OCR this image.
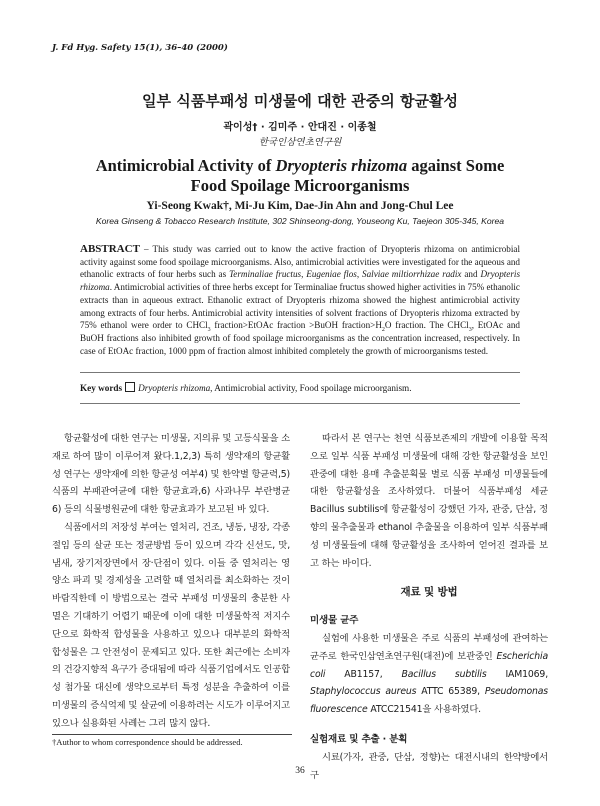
J. Fd Hyg. Safety 15(1), 36–40 (2000)
일부 식품부패성 미생물에 대한 관중의 항균활성
곽이성† · 김미주 · 안대진 · 이종철
한국인삼연초연구원
Antimicrobial Activity of Dryopteris rhizoma against Some
Food Spoilage Microorganisms
Yi-Seong Kwak†, Mi-Ju Kim, Dae-Jin Ahn and Jong-Chul Lee
Korea Ginseng & Tobacco Research Institute, 302 Shinseong-dong, Youseong Ku, Taejeon 305-345, Korea
ABSTRACT – This study was carried out to know the active fraction of Dryopteris rhizoma on antimicrobial activity against some food spoilage microorganisms. Also, antimicrobial activities were investigated for the aqueous and ethanolic extracts of four herbs such as Terminaliae fructus, Eugeniae flos, Salviae miltiorrhizae radix and Dryopteris rhizoma. Antimicrobial activities of three herbs except for Terminaliae fructus showed higher activities in 75% ethanolic extracts than in aqueous extract. Ethanolic extract of Dryopteris rhizoma showed the highest antimicrobial activity among extracts of four herbs. Antimicrobial activity intensities of solvent fractions of Dryopteris rhizoma extracted by 75% ethanol were order to CHCl$_3$ fraction>EtOAc fraction >BuOH $fraction>H_2O$ fraction. The CHCl$_3$, EtOAc and BuOH fractions also inhibited growth of food spoilage microorganisms as the concentration increased, respectively. In case of EtOAc fraction, 1000 ppm of fraction almost inhibited completely the growth of microorganisms tested.
Key words Dryopteris rhizoma, Antimicrobial activity, Food spoilage microorganism.

항균활성에 대한 연구는 미생물, 지의류 및 고등식물을 소재로 하여 많이 이루어져 왔다.1,2,3) 특히 생약재의 항균활성 연구는 생약재에 의한 항균성 여부4) 및 한약별 항균력,5) 식품의 부패관여균에 대한 항균효과,6) 사과나무 부란병균6) 등의 식물병원균에 대한 항균효과가 보고된 바 있다.

식품에서의 저장성 부여는 열처리, 건조, 냉동, 냉장, 각종 절임 등의 살균 또는 정균방법 등이 있으며 각각 신선도, 맛, 냄새, 장기저장면에서 장·단점이 있다. 이들 중 열처리는 영양소 파괴 및 경제성을 고려할 때 열처리를 최소화하는 것이 바람직한데 이 방법으로는 결국 부패성 미생물의 충분한 사멸은 기대하기 어렵기 때문에 이에 대한 미생물학적 저지수단으로 화학적 합성물을 사용하고 있으나 대부분의 화학적 합성물은 그 안전성이 문제되고 있다. 또한 최근에는 소비자의 건강지향적 욕구가 증대됨에 따라 식품기업에서도 인공합성 첨가물 대신에 생약으로부터 특정 성분을 추출하여 이를 미생물의 증식억제 및 살균에 이용하려는 시도가 이루어지고 있으나 실용화된 사례는 그리 많지 않다.

따라서 본 연구는 천연 식품보존제의 개발에 이용할 목적으로 일부 식품 부패성 미생물에 대해 강한 항균활성을 보인 관중에 대한 용매 추출분획물 별로 식품 부패성 미생물들에 대한 항균활성을 조사하였다. 더불어 식품부패성 세균 Bacillus subtilis에 항균활성이 강했던 가자, 관중, 단삼, 정향의 물추출물과 ethanol 추출물을 이용하여 일부 식품부패성 미생물들에 대해 항균활성을 조사하여 얻어진 결과를 보고 하는 바이다.

재료 및 방법
미생물 균주

실험에 사용한 미생물은 주로 식품의 부패성에 관여하는 균주로 한국인삼연초연구원(대전)에 보관중인 Escherichia coli AB1157, Bacillus subtilis IAM1069, Staphylococcus aureus ATTC 65389, Pseudomonas fluorescence ATCC21541을 사용하였다.

실험재료 및 추출 · 분획

시료(가자, 관중, 단삼, 정향)는 대전시내의 한약방에서 구

†Author to whom correspondence should be addressed.
36
